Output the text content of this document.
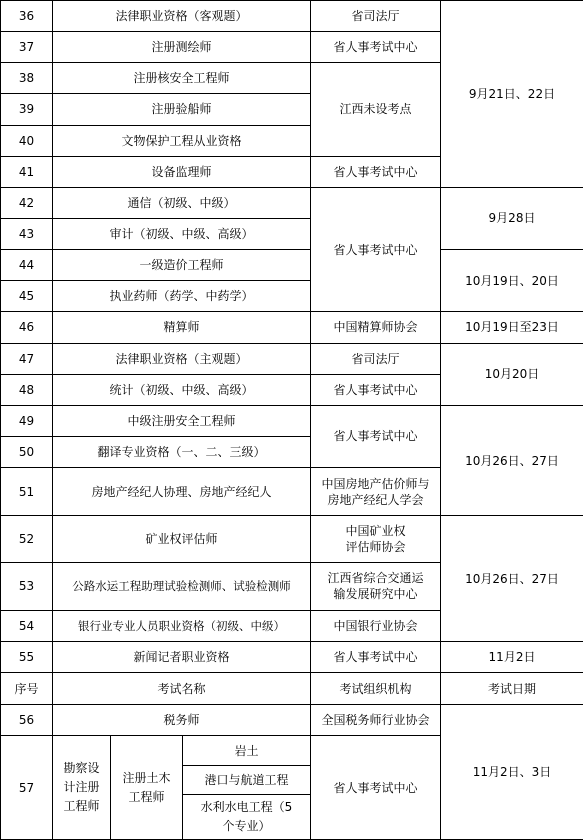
36	法律职业资格（客观题）			省司法厅	9月21日、22日
37	注册测绘师			省人事考试中心	
38	注册核安全工程师			江西未设考点	
39	注册验船师				
40	文物保护工程从业资格				
41	设备监理师			省人事考试中心	
42	通信（初级、中级）			省人事考试中心	9月28日
43	审计（初级、中级、高级）				
44	一级造价工程师				10月19日、20日
45	执业药师（药学、中药学）				
46	精算师			中国精算师协会	10月19日至23日
47	法律职业资格（主观题）			省司法厅	10月20日
48	统计（初级、中级、高级）			省人事考试中心	
49	中级注册安全工程师			省人事考试中心	10月26日、27日
50	翻译专业资格（一、二、三级）				
51	房地产经纪人协理、房地产经纪人			中国房地产估价师与房地产经纪人学会	
52	矿业权评估师			中国矿业权评估师协会	10月26日、27日
53	公路水运工程助理试验检测师、试验检测师			江西省综合交通运输发展研究中心	
54	银行业专业人员职业资格（初级、中级）			中国银行业协会	
55	新闻记者职业资格			省人事考试中心	11月2日
序号	考试名称			考试组织机构	考试日期
56	税务师			全国税务师行业协会	11月2日、3日
57	勘察设计注册工程师	注册土木工程师	岩土	省人事考试中心	
			港口与航道工程		
			水利水电工程（5个专业）		
